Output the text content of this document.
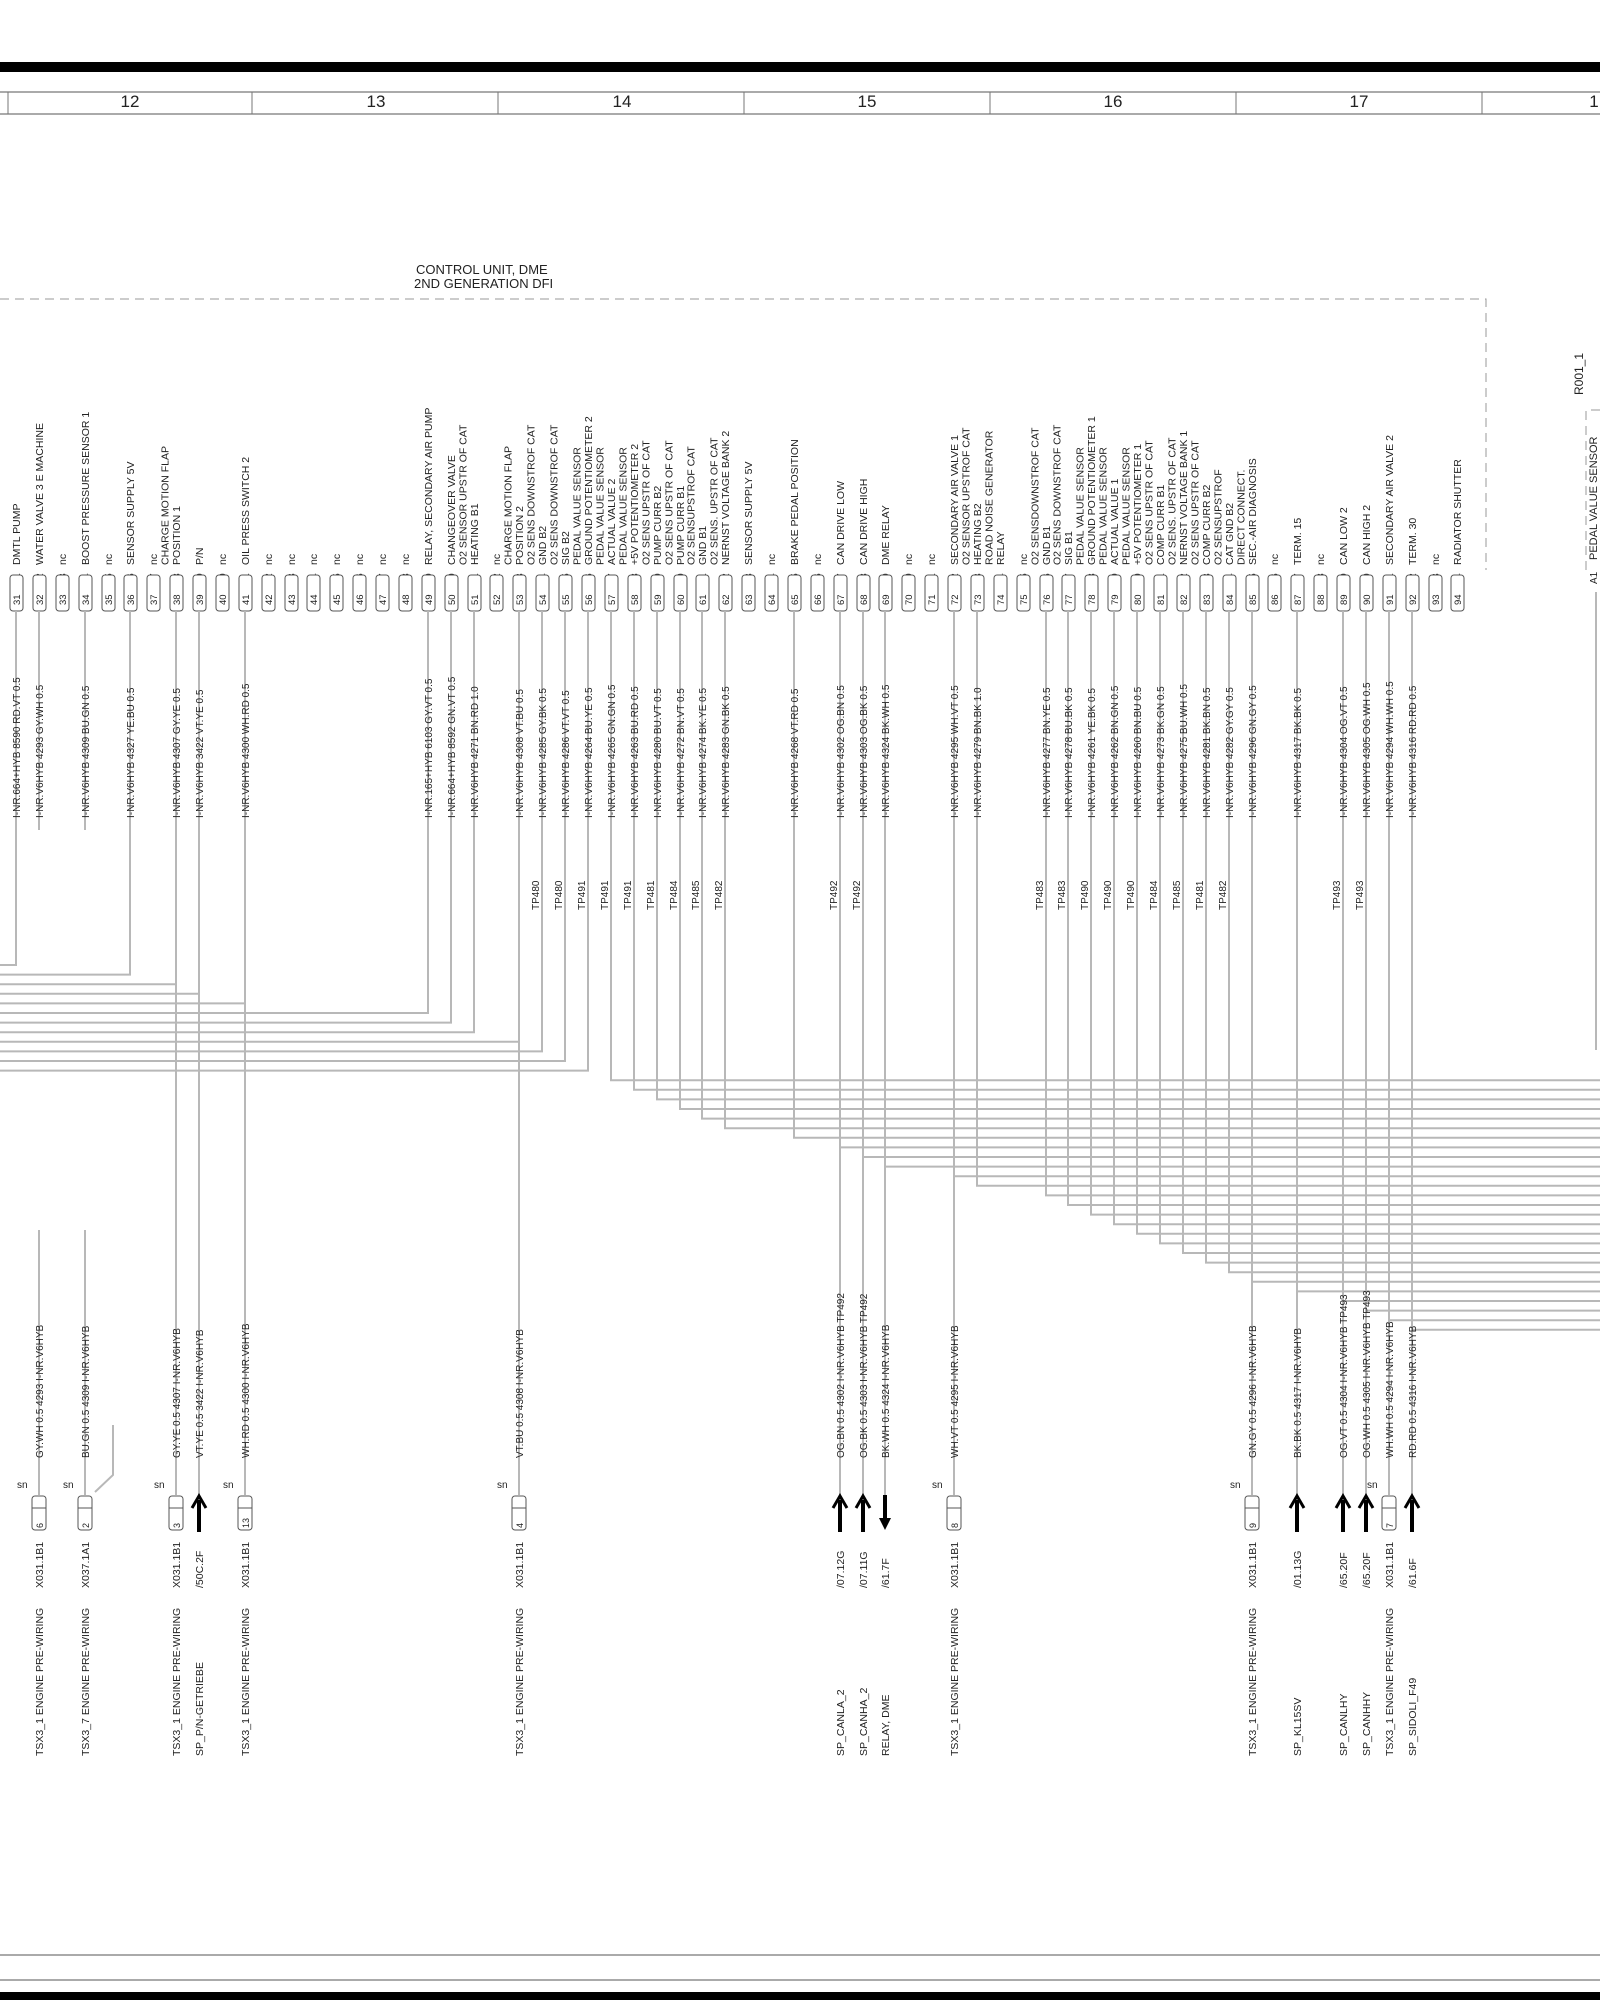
12	13	14	15	16	17	1
CONTROL UNIT, DME
2ND GENERATION DFI
R001_1
PEDAL VALUE SENSOR
A1
DMTL PUMP
31
I-NR.664+HYB 8590 RD.VT 0.5
WATER VALVE 3 E MACHINE
32
I-NR.V6HYB 4293 GY.WH 0.5
nc
33
BOOST PRESSURE SENSOR 1
34
I-NR.V6HYB 4309 BU.GN 0.5
nc
35
SENSOR SUPPLY 5V
36
I-NR.V6HYB 4327 YE.BU 0.5
nc
37
CHARGE MOTION FLAP POSITION 1
38
I-NR.V6HYB 4307 GY.YE 0.5
P/N
39
I-NR.V6HYB 3422 VT.YE 0.5
nc
40
OIL PRESS SWITCH 2
41
I-NR.V6HYB 4300 WH.RD 0.5
nc
42
nc
43
nc
44
nc
45
nc
46
nc
47
nc
48
RELAY, SECONDARY AIR PUMP
49
I-NR.165+HYB 6103 GY.VT 0.5
CHANGEOVER VALVE
50
I-NR.664+HYB 8592 GN.VT 0.5
O2 SENSOR UPSTR OF CAT HEATING B1
51
I-NR.V6HYB 4271 BN.RD 1.0
nc
52
CHARGE MOTION FLAP POSITION 2
53
I-NR.V6HYB 4308 VT.BU 0.5
O2 SENS DOWNSTROF CAT GND B2
54
I-NR.V6HYB 4285 GY.BK 0.5
O2 SENS DOWNSTROF CAT SIG B2
55
I-NR.V6HYB 4286 VT.VT 0.5
PEDAL VALUE SENSOR GROUND POTENTIOMETER 2
56
I-NR.V6HYB 4264 BU.YE 0.5
PEDAL VALUE SENSOR ACTUAL VALUE 2
57
I-NR.V6HYB 4265 GN.GN 0.5
PEDAL VALUE SENSOR +5V POTENTIOMETER 2
58
I-NR.V6HYB 4263 BU.RD 0.5
O2 SENS UPSTR OF CAT PUMP CURR B2
59
I-NR.V6HYB 4280 BU.VT 0.5
O2 SENS UPSTR OF CAT PUMP CURR B1
60
I-NR.V6HYB 4272 BN.VT 0.5
O2 SENSUPSTROF CAT GND B1
61
I-NR.V6HYB 4274 BK.YE 0.5
O2 SENS. UPSTR OF CAT NERNST VOLTAGE BANK 2
62
I-NR.V6HYB 4283 GN.BK 0.5
SENSOR SUPPLY 5V
63
nc
64
BRAKE PEDAL POSITION
65
I-NR.V6HYB 4268 VT.RD 0.5
nc
66
CAN DRIVE LOW
67
I-NR.V6HYB 4302 OG.BN 0.5
CAN DRIVE HIGH
68
I-NR.V6HYB 4303 OG.BK 0.5
DME RELAY
69
I-NR.V6HYB 4324 BK.WH 0.5
nc
70
nc
71
SECONDARY AIR VALVE 1
72
I-NR.V6HYB 4295 WH.VT 0.5
O2 SENSOR UPSTROF CAT HEATING B2
73
I-NR.V6HYB 4279 BN.BK 1.0
ROAD NOISE GENERATOR RELAY
74
nc
75
O2 SENSDOWNSTROF CAT GND B1
76
I-NR.V6HYB 4277 BN.YE 0.5
O2 SENS DOWNSTROF CAT SIG B1
77
I-NR.V6HYB 4278 BU.BK 0.5
PEDAL VALUE SENSOR GROUND POTENTIOMETER 1
78
I-NR.V6HYB 4261 YE.BK 0.5
PEDAL VALUE SENSOR ACTUAL VALUE 1
79
I-NR.V6HYB 4262 BN.GN 0.5
PEDAL VALUE SENSOR +5V POTENTIOMETER 1
80
I-NR.V6HYB 4260 BN.BU 0.5
O2 SENS UPSTR OF CAT COMP CURR B1
81
I-NR.V6HYB 4273 BK.GN 0.5
O2 SENS. UPSTR OF CAT NERNST VOLTAGE BANK 1
82
I-NR.V6HYB 4275 BU.WH 0.5
O2 SENS UPSTR OF CAT COMP CURR B2
83
I-NR.V6HYB 4281 BK.BN 0.5
O2 SENSUPSTROF CAT GND B2
84
I-NR.V6HYB 4282 GY.GY 0.5
DIRECT CONNECT. SEC.-AIR DIAGNOSIS
85
I-NR.V6HYB 4296 GN.GY 0.5
nc
86
TERM. 15
87
I-NR.V6HYB 4317 BK.BK 0.5
nc
88
CAN LOW 2
89
I-NR.V6HYB 4304 OG.VT 0.5
CAN HIGH 2
90
I-NR.V6HYB 4305 OG.WH 0.5
SECONDARY AIR VALVE 2
91
I-NR.V6HYB 4294 WH.WH 0.5
TERM. 30
92
I-NR.V6HYB 4316 RD.RD 0.5
nc
93
RADIATOR SHUTTER
94
TP480 TP480 TP491 TP491 TP491 TP481 TP484 TP485 TP482	TP492 TP492	TP483 TP483 TP490 TP490 TP490 TP484 TP485 TP481 TP482	TP493 TP493
GY.WH 0.5 4293 I-NR.V6HYB
6
sn
X031.1B1
TSX3_1 ENGINE PRE-WIRING
BU.GN 0.5 4309 I-NR.V6HYB
2
sn
X037.1A1
TSX3_7 ENGINE PRE-WIRING
GY.YE 0.5 4307 I-NR.V6HYB
3
sn
X031.1B1
TSX3_1 ENGINE PRE-WIRING
VT.YE 0.5 3422 I-NR.V6HYB
/50C.2F
SP_P/N-GETRIEBE
WH.RD 0.5 4300 I-NR.V6HYB
13
sn
X031.1B1
TSX3_1 ENGINE PRE-WIRING
VT.BU 0.5 4308 I-NR.V6HYB
4
sn
X031.1B1
TSX3_1 ENGINE PRE-WIRING
OG.BN 0.5 4302 I-NR.V6HYB TP492
/07.12G
SP_CANLA_2
OG.BK 0.5 4303 I-NR.V6HYB TP492
/07.11G
SP_CANHA_2
BK.WH 0.5 4324 I-NR.V6HYB
/61.7F
RELAY, DME
WH.VT 0.5 4295 I-NR.V6HYB
8
sn
X031.1B1
TSX3_1 ENGINE PRE-WIRING
GN.GY 0.5 4296 I-NR.V6HYB
9
sn
X031.1B1
TSX3_1 ENGINE PRE-WIRING
BK.BK 0.5 4317 I-NR.V6HYB
/01.13G
SP_KL15SV
OG.VT 0.5 4304 I-NR.V6HYB TP493
/65.20F
SP_CANLHY
OG.WH 0.5 4305 I-NR.V6HYB TP493
/65.20F
SP_CANHHY
WH.WH 0.5 4294 I-NR.V6HYB
7
sn
X031.1B1
TSX3_1 ENGINE PRE-WIRING
RD.RD 0.5 4316 I-NR.V6HYB
/61.6F
SP_SIDOLI_F49
